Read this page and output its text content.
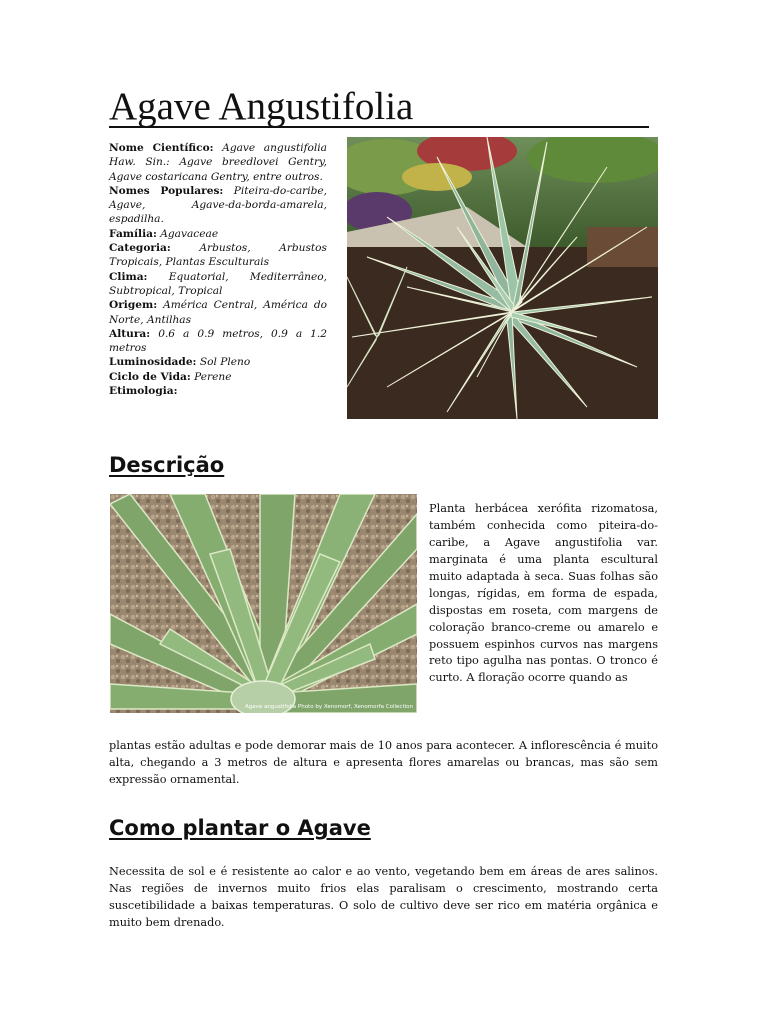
Agave Angustifolia

Nome Científico: Agave angustifolia Haw. Sin.: Agave breedlovei Gentry, Agave costaricana Gentry, entre outros.

Nomes Populares: Piteira-do-caribe, Agave, Agave-da-borda-amarela, espadilha.

Família: Agavaceae

Categoria:	Arbustos, Arbustos Tropicais, Plantas Esculturais

Clima: Equatorial, Mediterrâneo, Subtropical, Tropical

Origem: América Central, América do Norte, Antilhas

Altura: 0.6 a 0.9 metros, 0.9 a 1.2 metros

Luminosidade: Sol Pleno

Ciclo de Vida: Perene

Etimologia:

Descrição
Agave angustifolia Photo by Xenomorf, Xenomorfa Collection

Planta herbácea xerófita rizomatosa, também conhecida como piteira-do-caribe, a Agave angustifolia var. marginata é uma planta escultural muito adaptada à seca. Suas folhas são longas, rígidas, em forma de espada, dispostas em roseta, com margens de coloração branco-creme ou amarelo e possuem espinhos curvos nas margens reto tipo agulha nas pontas. O tronco é curto. A floração ocorre quando as

plantas estão adultas e pode demorar mais de 10 anos para acontecer. A inflorescência é muito alta, chegando a 3 metros de altura e apresenta flores amarelas ou brancas, mas são sem expressão ornamental.

Como plantar o Agave

Necessita de sol e é resistente ao calor e ao vento, vegetando bem em áreas de ares salinos. Nas regiões de invernos muito frios elas paralisam o crescimento, mostrando certa suscetibilidade a baixas temperaturas. O solo de cultivo deve ser rico em matéria orgânica e muito bem drenado.
